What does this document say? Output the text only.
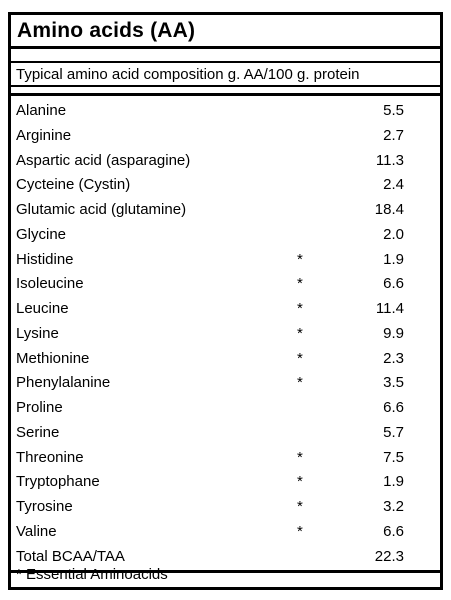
Amino acids (AA)
Typical amino acid composition g. AA/100 g. protein
Alanine	5.5
Arginine	2.7
Aspartic acid (asparagine)	11.3
Cycteine (Cystin)	2.4
Glutamic acid (glutamine)	18.4
Glycine	2.0
Histidine	*	1.9
Isoleucine	*	6.6
Leucine	*	11.4
Lysine	*	9.9
Methionine	*	2.3
Phenylalanine	*	3.5
Proline	6.6
Serine	5.7
Threonine	*	7.5
Tryptophane	*	1.9
Tyrosine	*	3.2
Valine	*	6.6
Total BCAA/TAA	22.3
* Essential Aminoacids
